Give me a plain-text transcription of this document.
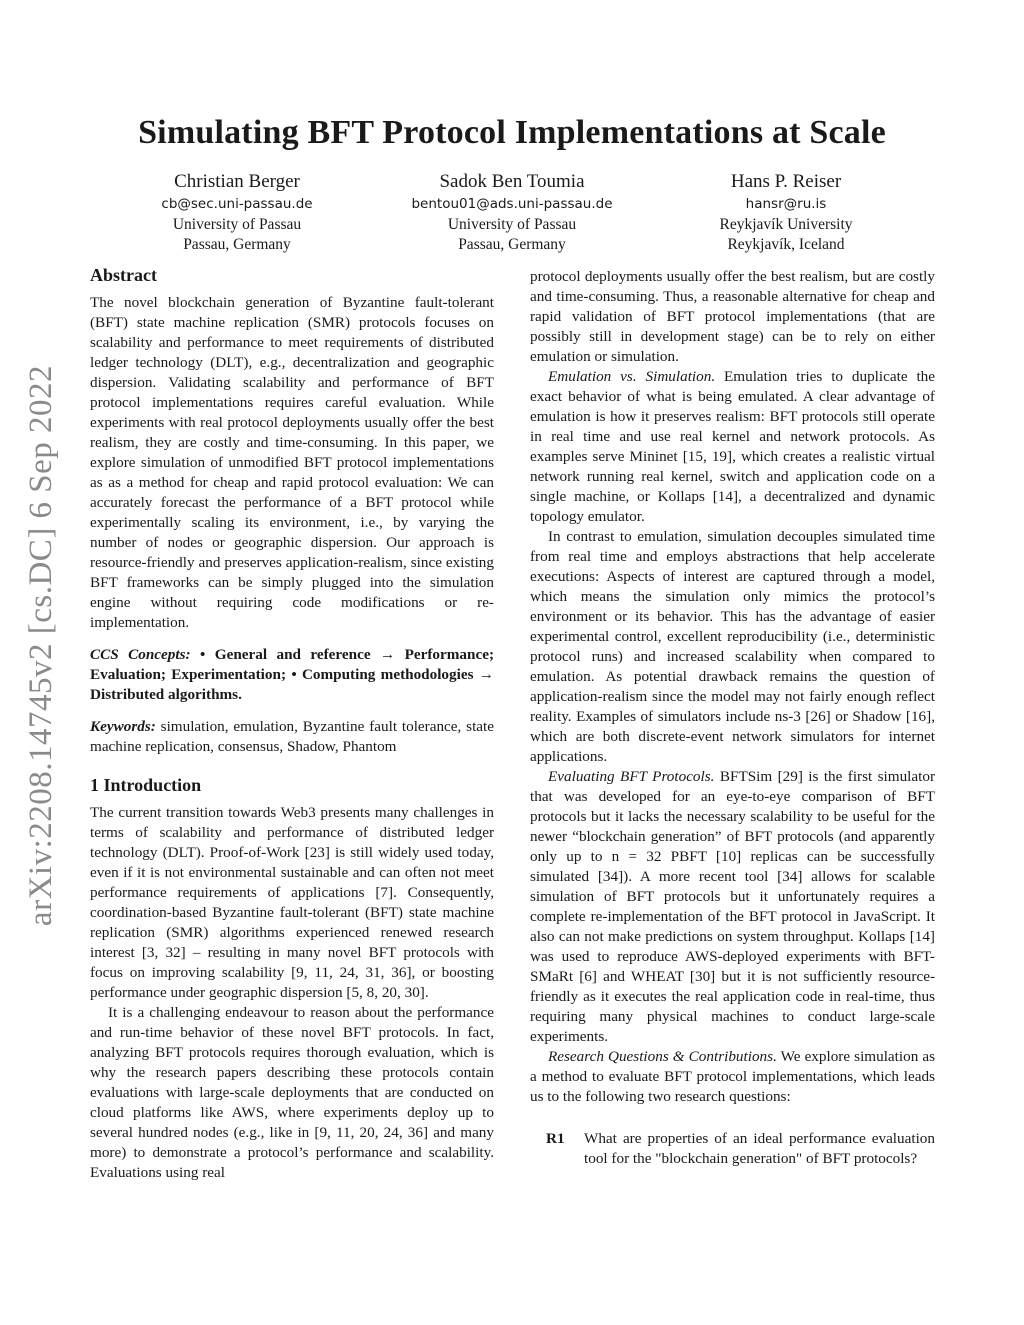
arXiv:2208.14745v2 [cs.DC] 6 Sep 2022
Simulating BFT Protocol Implementations at Scale
Christian Berger
cb@sec.uni-passau.de
University of Passau
Passau, Germany
Sadok Ben Toumia
bentou01@ads.uni-passau.de
University of Passau
Passau, Germany
Hans P. Reiser
hansr@ru.is
Reykjavík University
Reykjavík, Iceland
Abstract

The novel blockchain generation of Byzantine fault-tolerant (BFT) state machine replication (SMR) protocols focuses on scalability and performance to meet requirements of distributed ledger technology (DLT), e.g., decentralization and geographic dispersion. Validating scalability and performance of BFT protocol implementations requires careful evaluation. While experiments with real protocol deployments usually offer the best realism, they are costly and time-consuming. In this paper, we explore simulation of unmodified BFT protocol implementations as as a method for cheap and rapid protocol evaluation: We can accurately forecast the performance of a BFT protocol while experimentally scaling its environment, i.e., by varying the number of nodes or geographic dispersion. Our approach is resource-friendly and preserves application-realism, since existing BFT frameworks can be simply plugged into the simulation engine without requiring code modifications or re-implementation.

CCS Concepts: • General and reference → Performance; Evaluation; Experimentation; • Computing methodologies → Distributed algorithms.

Keywords: simulation, emulation, Byzantine fault tolerance, state machine replication, consensus, Shadow, Phantom

1 Introduction

The current transition towards Web3 presents many challenges in terms of scalability and performance of distributed ledger technology (DLT). Proof-of-Work [23] is still widely used today, even if it is not environmental sustainable and can often not meet performance requirements of applications [7]. Consequently, coordination-based Byzantine fault-tolerant (BFT) state machine replication (SMR) algorithms experienced renewed research interest [3, 32] – resulting in many novel BFT protocols with focus on improving scalability [9, 11, 24, 31, 36], or boosting performance under geographic dispersion [5, 8, 20, 30].

It is a challenging endeavour to reason about the performance and run-time behavior of these novel BFT protocols. In fact, analyzing BFT protocols requires thorough evaluation, which is why the research papers describing these protocols contain evaluations with large-scale deployments that are conducted on cloud platforms like AWS, where experiments deploy up to several hundred nodes (e.g., like in [9, 11, 20, 24, 36] and many more) to demonstrate a protocol’s performance and scalability. Evaluations using real

protocol deployments usually offer the best realism, but are costly and time-consuming. Thus, a reasonable alternative for cheap and rapid validation of BFT protocol implementations (that are possibly still in development stage) can be to rely on either emulation or simulation.

Emulation vs. Simulation. Emulation tries to duplicate the exact behavior of what is being emulated. A clear advantage of emulation is how it preserves realism: BFT protocols still operate in real time and use real kernel and network protocols. As examples serve Mininet [15, 19], which creates a realistic virtual network running real kernel, switch and application code on a single machine, or Kollaps [14], a decentralized and dynamic topology emulator.

In contrast to emulation, simulation decouples simulated time from real time and employs abstractions that help accelerate executions: Aspects of interest are captured through a model, which means the simulation only mimics the protocol’s environment or its behavior. This has the advantage of easier experimental control, excellent reproducibility (i.e., deterministic protocol runs) and increased scalability when compared to emulation. As potential drawback remains the question of application-realism since the model may not fairly enough reflect reality. Examples of simulators include ns-3 [26] or Shadow [16], which are both discrete-event network simulators for internet applications.

Evaluating BFT Protocols. BFTSim [29] is the first simulator that was developed for an eye-to-eye comparison of BFT protocols but it lacks the necessary scalability to be useful for the newer “blockchain generation” of BFT protocols (and apparently only up to n = 32 PBFT [10] replicas can be successfully simulated [34]). A more recent tool [34] allows for scalable simulation of BFT protocols but it unfortunately requires a complete re-implementation of the BFT protocol in JavaScript. It also can not make predictions on system throughput. Kollaps [14] was used to reproduce AWS-deployed experiments with BFT-SMaRt [6] and WHEAT [30] but it is not sufficiently resource-friendly as it executes the real application code in real-time, thus requiring many physical machines to conduct large-scale experiments.

Research Questions & Contributions. We explore simulation as a method to evaluate BFT protocol implementations, which leads us to the following two research questions:

R1	What are properties of an ideal performance evaluation tool for the "blockchain generation" of BFT protocols?
